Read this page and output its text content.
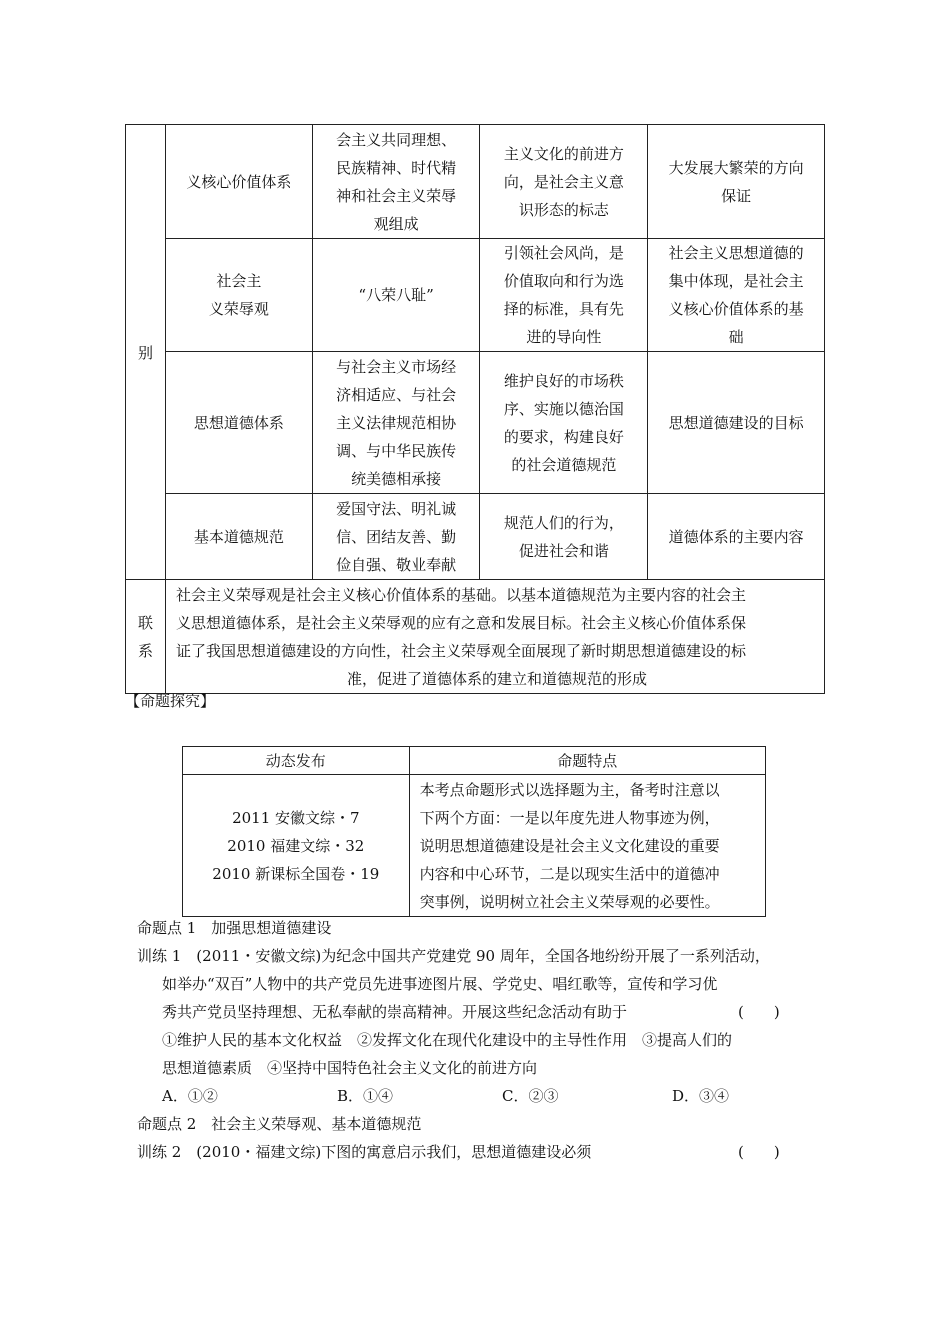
别	义核心价值体系	会主义共同理想、
民族精神、时代精
神和社会主义荣辱
观组成	主义文化的前进方
向，是社会主义意
识形态的标志	大发展大繁荣的方向
保证

	社会主
义荣辱观	“八荣八耻”	引领社会风尚，是
价值取向和行为选
择的标准，具有先
进的导向性	社会主义思想道德的
集中体现，是社会主
义核心价值体系的基
础

	思想道德体系	与社会主义市场经
济相适应、与社会
主义法律规范相协
调、与中华民族传
统美德相承接	维护良好的市场秩
序、实施以德治国
的要求，构建良好
的社会道德规范	思想道德建设的目标

	基本道德规范	爱国守法、明礼诚
信、团结友善、勤
俭自强、敬业奉献	规范人们的行为，
促进社会和谐	道德体系的主要内容

联
系	社会主义荣辱观是社会主义核心价值体系的基础。以基本道德规范为主要内容的社会主
义思想道德体系，是社会主义荣辱观的应有之意和发展目标。社会主义核心价值体系保
证了我国思想道德建设的方向性，社会主义荣辱观全面展现了新时期思想道德建设的标
准，促进了道德体系的建立和道德规范的形成			
【命题探究】
动态发布	命题特点

2011 安徽文综・7
2010 福建文综・32
2010 新课标全国卷・19	本考点命题形式以选择题为主，备考时注意以
下两个方面：一是以年度先进人物事迹为例，
说明思想道德建设是社会主义文化建设的重要
内容和中心环节，二是以现实生活中的道德冲
突事例，说明树立社会主义荣辱观的必要性。
命题点 1　加强思想道德建设
训练 1　(2011・安徽文综)为纪念中国共产党建党 90 周年，全国各地纷纷开展了一系列活动，
如举办“双百”人物中的共产党员先进事迹图片展、学党史、唱红歌等，宣传和学习优
秀共产党员坚持理想、无私奉献的崇高精神。开展这些纪念活动有助于	(　　)
①维护人民的基本文化权益　②发挥文化在现代化建设中的主导性作用　③提高人们的
思想道德素质　④坚持中国特色社会主义文化的前进方向
A．①②	B．①④	C．②③	D．③④
命题点 2　社会主义荣辱观、基本道德规范
训练 2　(2010・福建文综)下图的寓意启示我们，思想道德建设必须	(　　)
